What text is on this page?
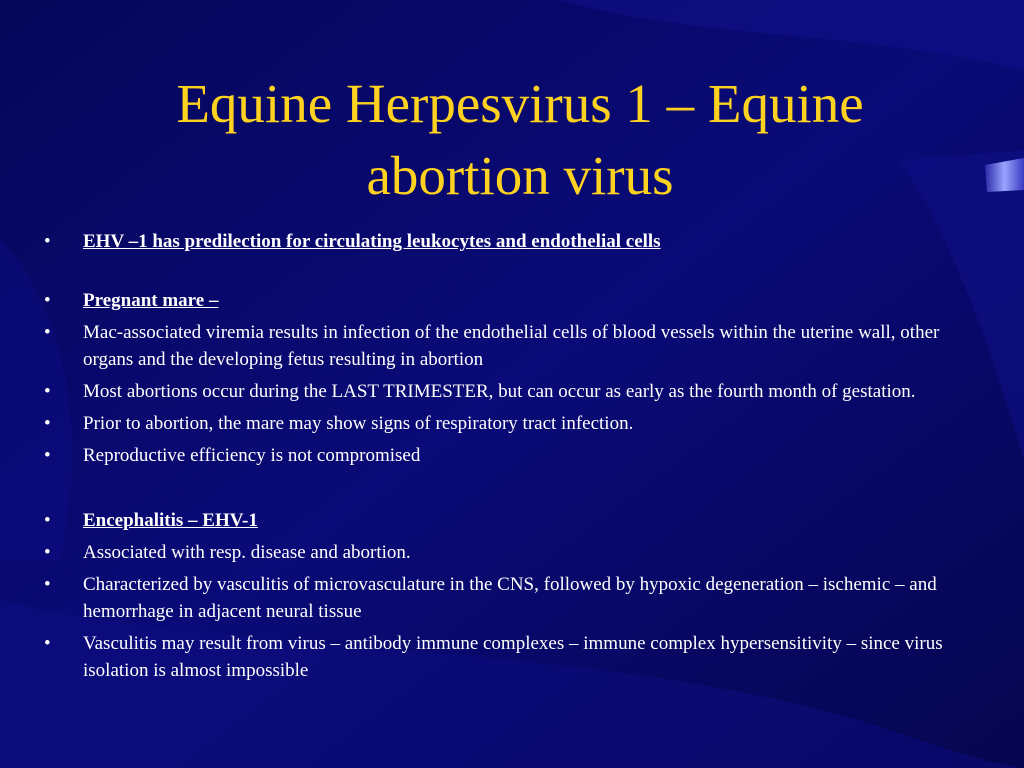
Equine Herpesvirus 1 – Equine
abortion virus
• EHV –1 has predilection for circulating leukocytes and endothelial cells
• Pregnant mare –
• Mac-associated viremia results in infection of the endothelial cells of blood vessels within the uterine wall, other organs and the developing fetus resulting in abortion
• Most abortions occur during the LAST TRIMESTER, but can occur as early as the fourth month of gestation.
• Prior to abortion, the mare may show signs of respiratory tract infection.
• Reproductive efficiency is not compromised
• Encephalitis – EHV-1
• Associated with resp. disease and abortion.
• Characterized by vasculitis of microvasculature in the CNS, followed by hypoxic degeneration – ischemic – and hemorrhage in adjacent neural tissue
• Vasculitis may result from virus – antibody immune complexes – immune complex hypersensitivity – since virus isolation is almost impossible
